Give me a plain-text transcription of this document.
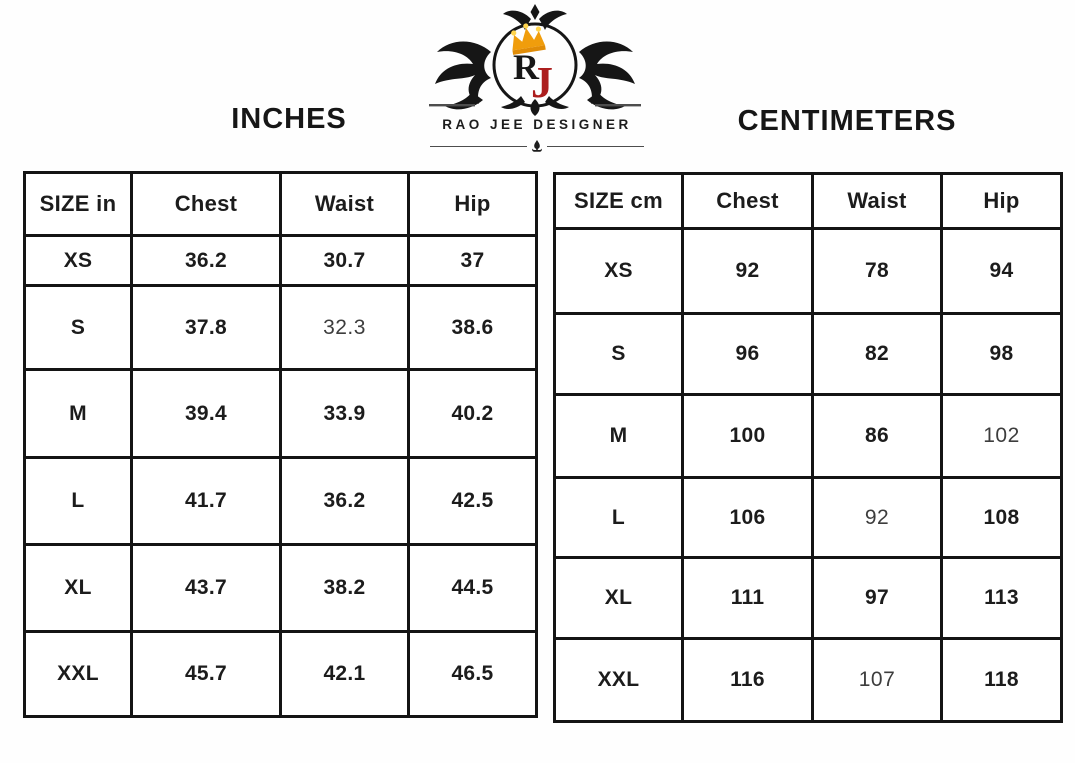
R
J
RAO JEE DESIGNER
INCHES	CENTIMETERS
SIZE in	Chest	Waist	Hip
XS	36.2	30.7	37
S	37.8	32.3	38.6
M	39.4	33.9	40.2
L	41.7	36.2	42.5
XL	43.7	38.2	44.5
XXL	45.7	42.1	46.5
SIZE cm	Chest	Waist	Hip
XS	92	78	94
S	96	82	98
M	100	86	102
L	106	92	108
XL	111	97	113
XXL	116	107	118
